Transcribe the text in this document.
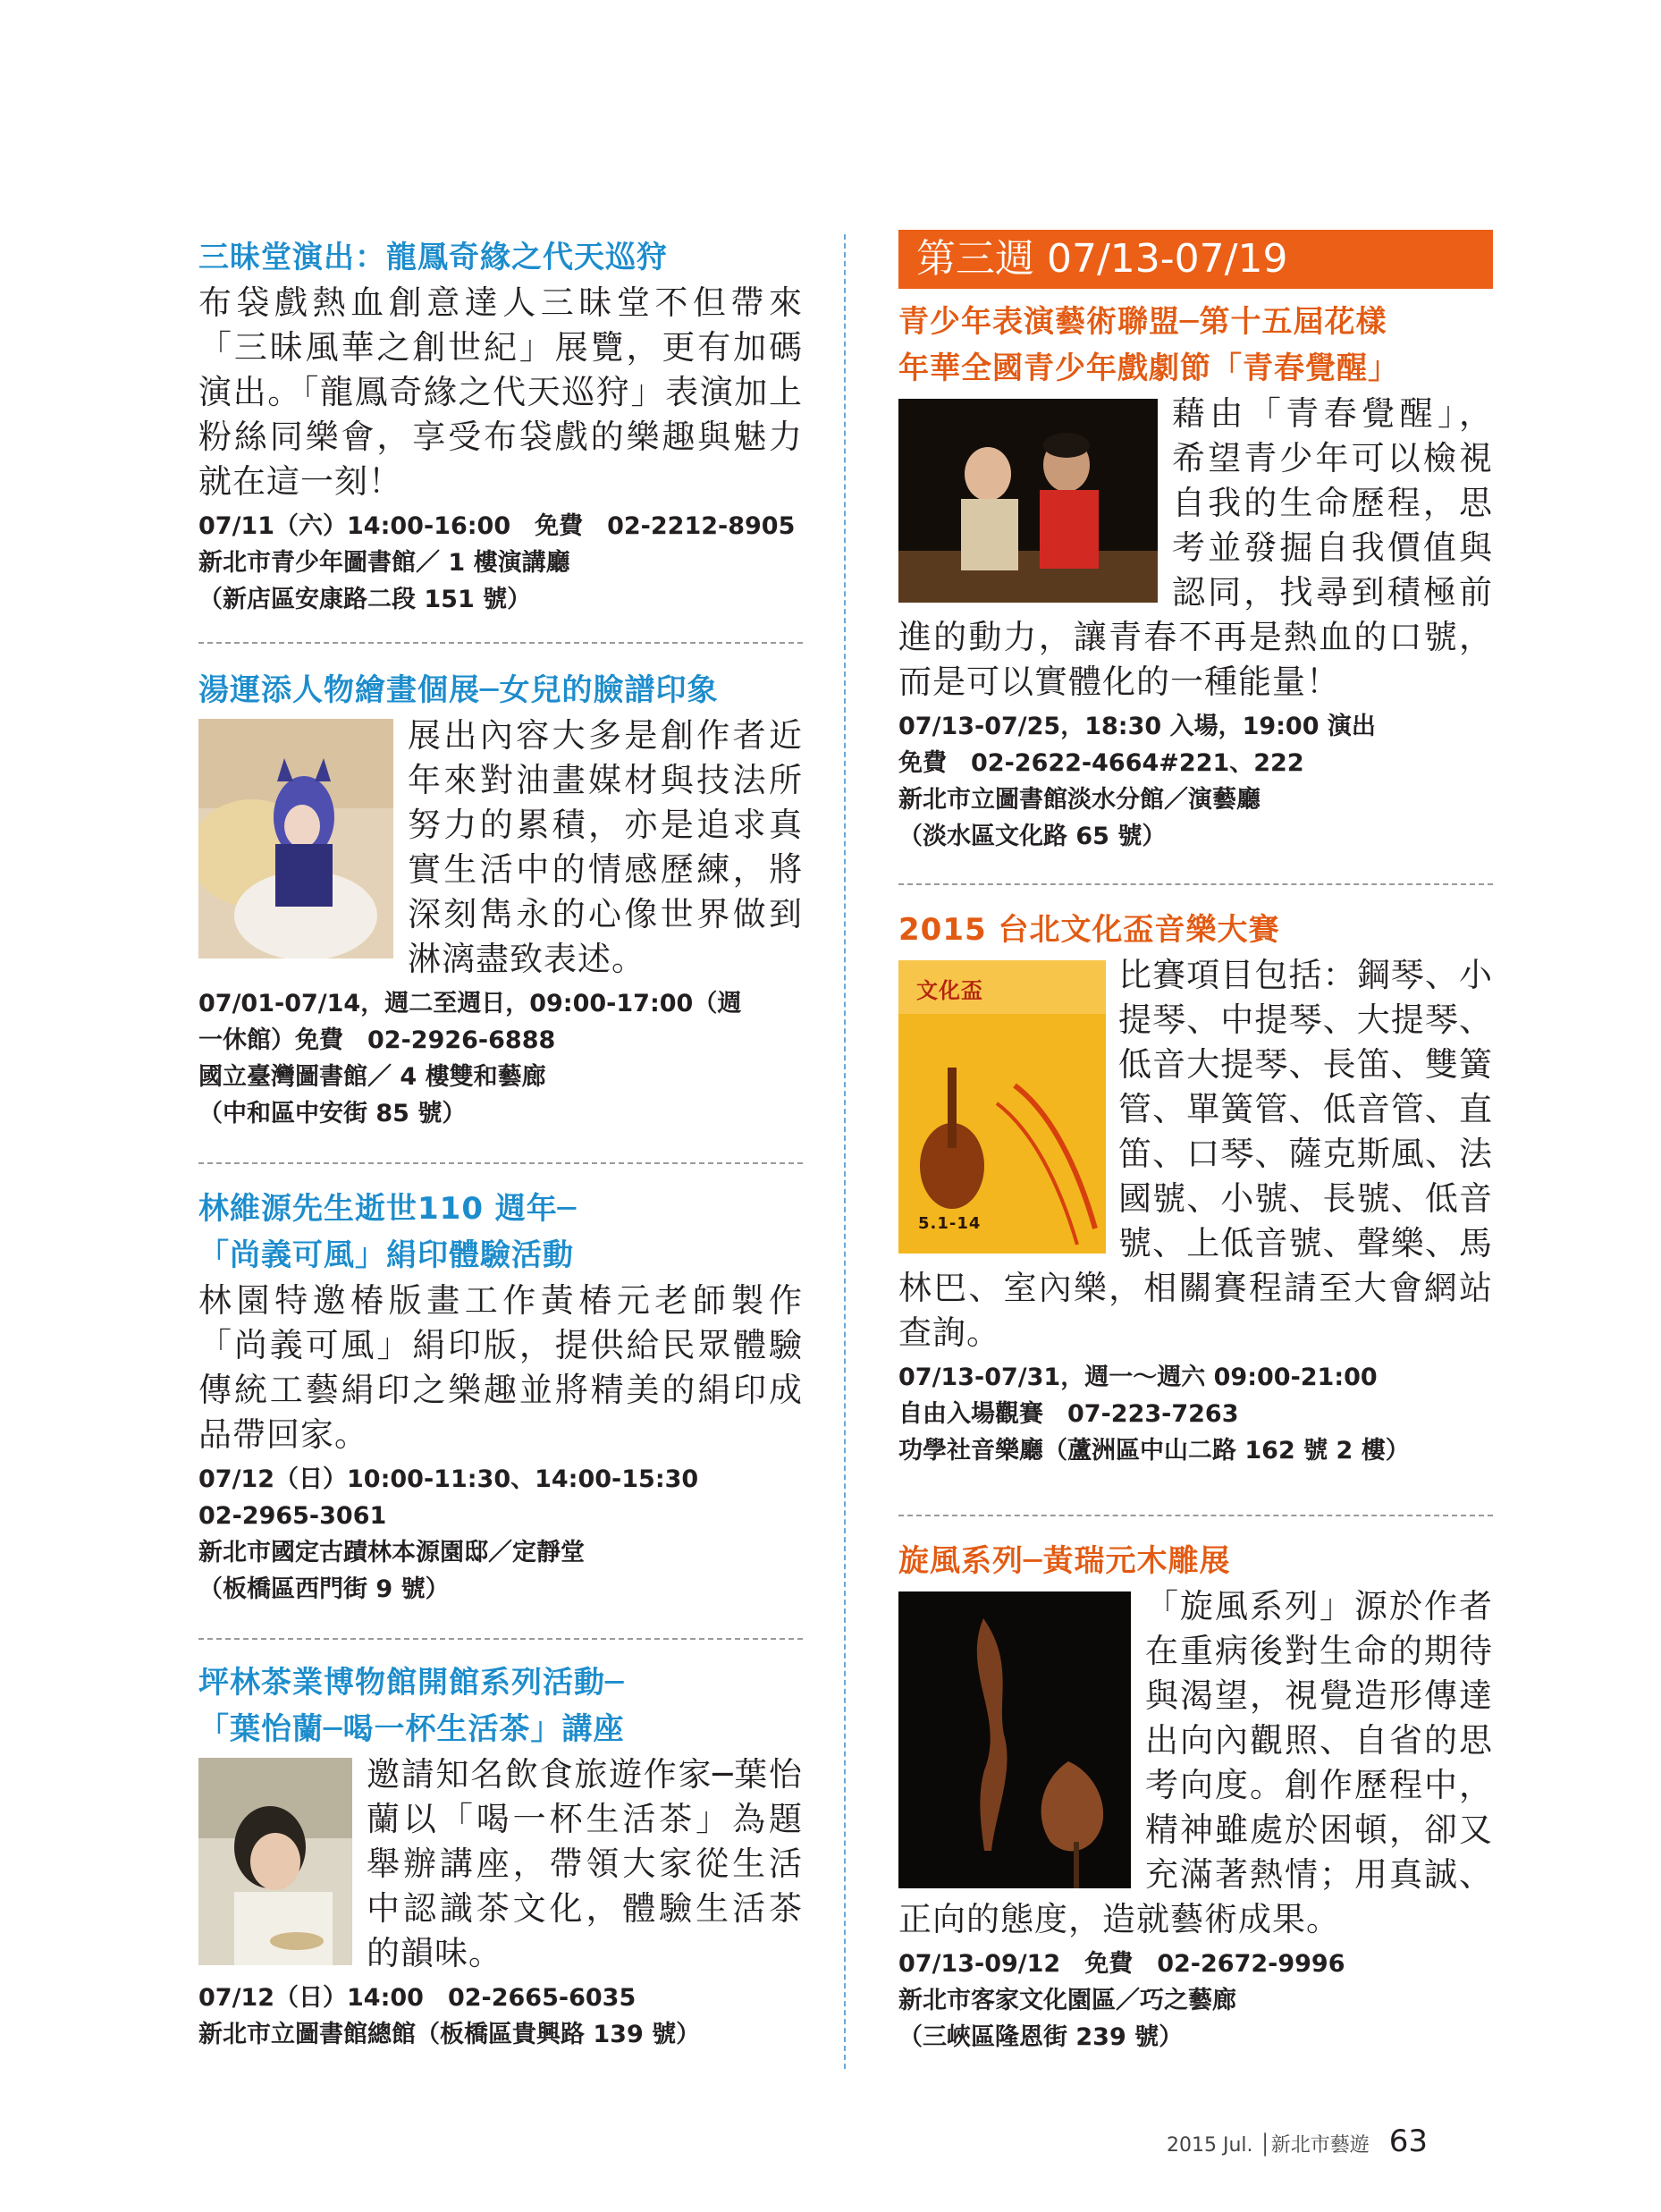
三昧堂演出：龍鳳奇緣之代天巡狩
布袋戲熱血創意達人三昧堂不但帶來「三昧風華之創世紀」展覽，更有加碼演出。「龍鳳奇緣之代天巡狩」表演加上粉絲同樂會，享受布袋戲的樂趣與魅力就在這一刻！
07/11（六）14:00-16:00　免費　02-2212-8905
新北市青少年圖書館／ 1 樓演講廳
（新店區安康路二段 151 號）
湯運添人物繪畫個展─女兒的臉譜印象
展出內容大多是創作者近年來對油畫媒材與技法所努力的累積，亦是追求真實生活中的情感歷練，將深刻雋永的心像世界做到淋漓盡致表述。
07/01-07/14，週二至週日，09:00-17:00（週
一休館）免費　02-2926-6888
國立臺灣圖書館／ 4 樓雙和藝廊
（中和區中安街 85 號）
林維源先生逝世110 週年─
「尚義可風」絹印體驗活動
林園特邀椿版畫工作黃椿元老師製作「尚義可風」絹印版，提供給民眾體驗傳統工藝絹印之樂趣並將精美的絹印成品帶回家。
07/12（日）10:00-11:30、14:00-15:30
02-2965-3061
新北市國定古蹟林本源園邸／定靜堂
（板橋區西門街 9 號）
坪林茶業博物館開館系列活動─
「葉怡蘭─喝一杯生活茶」講座
邀請知名飲食旅遊作家─葉怡蘭以「喝一杯生活茶」為題舉辦講座，帶領大家從生活中認識茶文化，體驗生活茶的韻味。
07/12（日）14:00　02-2665-6035
新北市立圖書館總館（板橋區貴興路 139 號）
第三週 07/13-07/19
青少年表演藝術聯盟─第十五屆花樣
年華全國青少年戲劇節「青春覺醒」
藉由「青春覺醒」，希望青少年可以檢視自我的生命歷程，思考並發掘自我價值與認同，找尋到積極前進的動力，讓青春不再是熱血的口號，而是可以實體化的一種能量！
07/13-07/25，18:30 入場，19:00 演出
免費　02-2622-4664#221、222
新北市立圖書館淡水分館／演藝廳
（淡水區文化路 65 號）
2015 台北文化盃音樂大賽
文化盃
5.1-14
比賽項目包括：鋼琴、小提琴、中提琴、大提琴、低音大提琴、長笛、雙簧管、單簧管、低音管、直笛、口琴、薩克斯風、法國號、小號、長號、低音號、上低音號、聲樂、馬林巴、室內樂，相關賽程請至大會網站查詢。
07/13-07/31，週一～週六 09:00-21:00
自由入場觀賽　07-223-7263
功學社音樂廳（蘆洲區中山二路 162 號 2 樓）
旋風系列─黃瑞元木雕展
「旋風系列」源於作者在重病後對生命的期待與渴望，視覺造形傳達出向內觀照、自省的思考向度。創作歷程中，精神雖處於困頓，卻又充滿著熱情；用真誠、正向的態度，造就藝術成果。
07/13-09/12　免費　02-2672-9996
新北市客家文化園區／巧之藝廊
（三峽區隆恩街 239 號）
2015 Jul. │新北市藝遊 63
